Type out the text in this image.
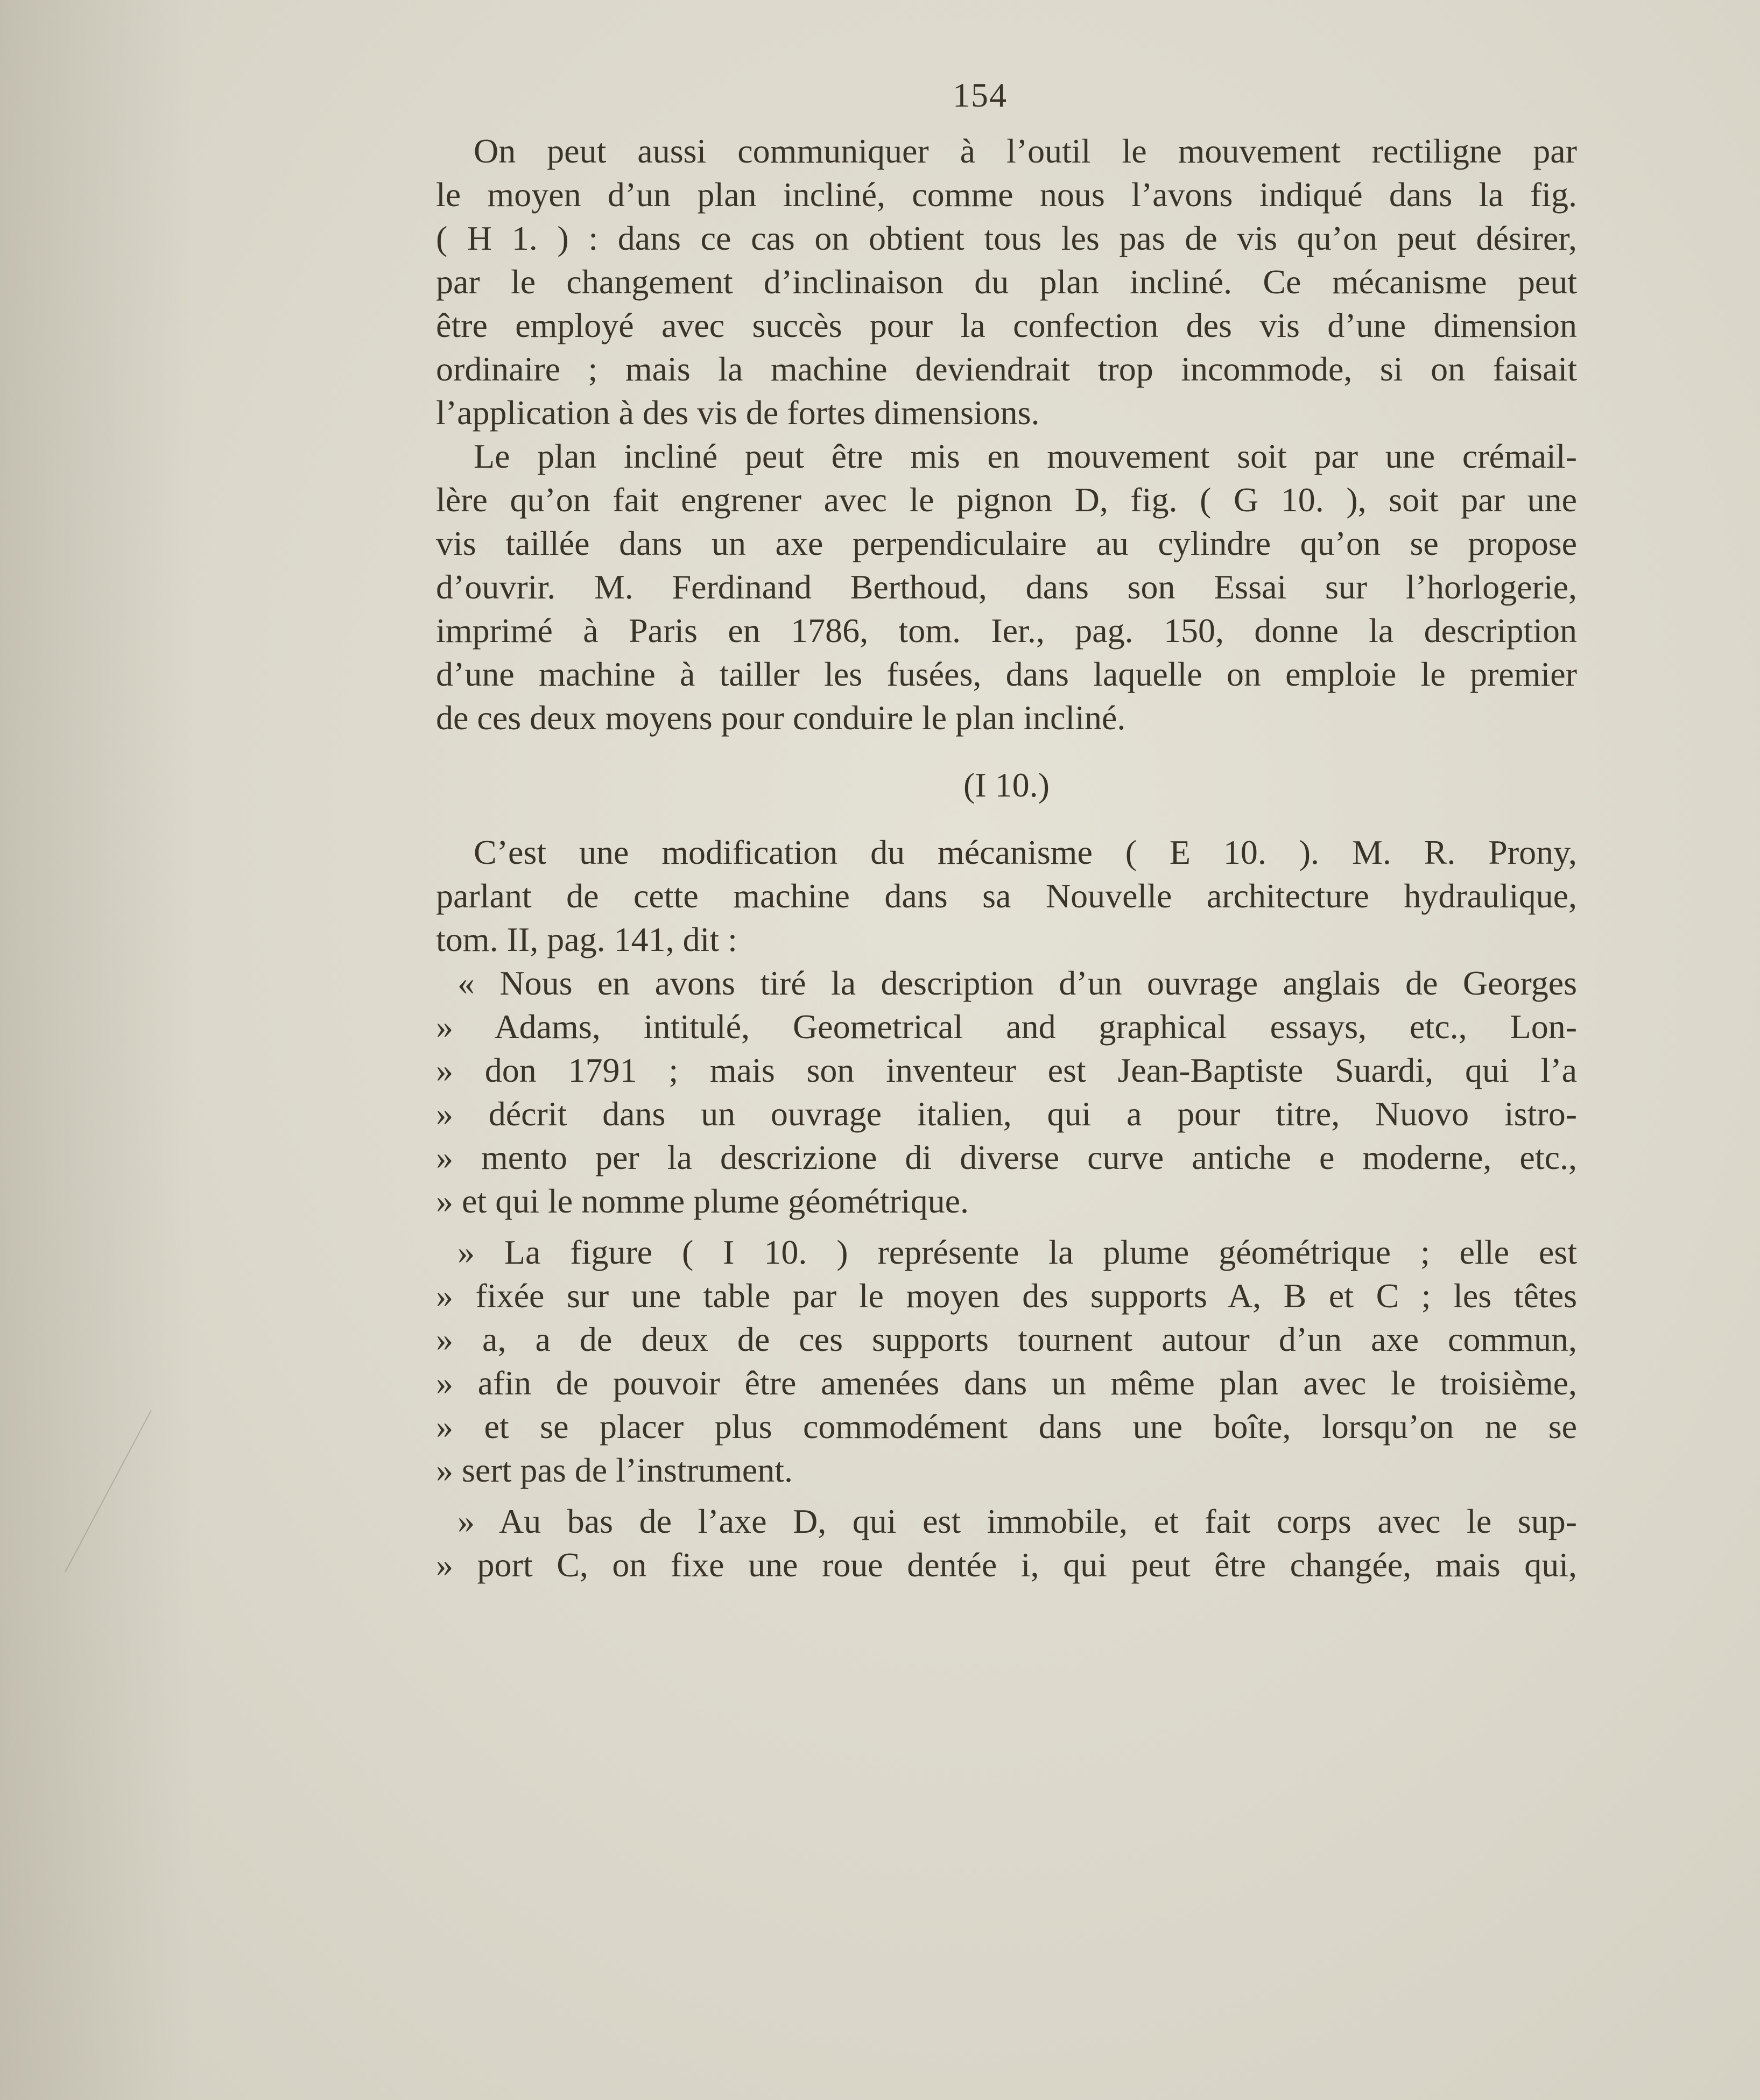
154
On peut aussi communiquer à l’outil le mouvement rectiligne par
le moyen d’un plan incliné, comme nous l’avons indiqué dans la fig.
( H 1. ) : dans ce cas on obtient tous les pas de vis qu’on peut désirer,
par le changement d’inclinaison du plan incliné. Ce mécanisme peut
être employé avec succès pour la confection des vis d’une dimension
ordinaire ; mais la machine deviendrait trop incommode, si on faisait
l’application à des vis de fortes dimensions.
Le plan incliné peut être mis en mouvement soit par une crémail-
lère qu’on fait engrener avec le pignon D, fig. ( G 10. ), soit par une
vis taillée dans un axe perpendiculaire au cylindre qu’on se propose
d’ouvrir. M. Ferdinand Berthoud, dans son Essai sur l’horlogerie,
imprimé à Paris en 1786, tom. Ier., pag. 150, donne la description
d’une machine à tailler les fusées, dans laquelle on emploie le premier
de ces deux moyens pour conduire le plan incliné.
(I 10.)
C’est une modification du mécanisme ( E 10. ). M. R. Prony,
parlant de cette machine dans sa Nouvelle architecture hydraulique,
tom. II, pag. 141, dit :
« Nous en avons tiré la description d’un ouvrage anglais de Georges
» Adams, intitulé, Geometrical and graphical essays, etc., Lon-
» don 1791 ; mais son inventeur est Jean-Baptiste Suardi, qui l’a
» décrit dans un ouvrage italien, qui a pour titre, Nuovo istro-
» mento per la descrizione di diverse curve antiche e moderne, etc.,
» et qui le nomme plume géométrique.
» La figure ( I 10. ) représente la plume géométrique ; elle est
» fixée sur une table par le moyen des supports A, B et C ; les têtes
» a, a de deux de ces supports tournent autour d’un axe commun,
» afin de pouvoir être amenées dans un même plan avec le troisième,
» et se placer plus commodément dans une boîte, lorsqu’on ne se
» sert pas de l’instrument.
» Au bas de l’axe D, qui est immobile, et fait corps avec le sup-
» port C, on fixe une roue dentée i, qui peut être changée, mais qui,
